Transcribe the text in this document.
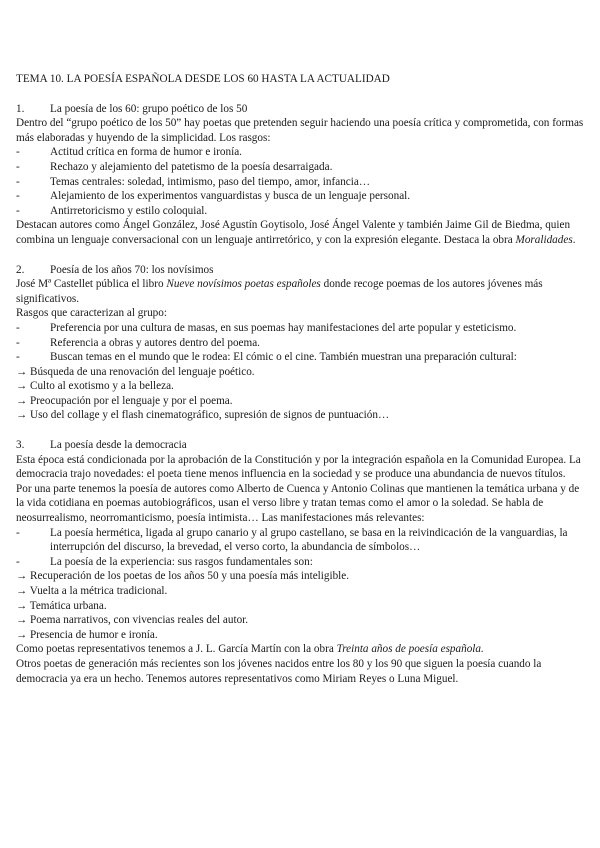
TEMA 10. LA POESÍA ESPAÑOLA DESDE LOS 60 HASTA LA ACTUALIDAD

1.	La poesía de los 60: grupo poético de los 50

Dentro del “grupo poético de los 50” hay poetas que pretenden seguir haciendo una poesía crítica y comprometida, con formas más elaboradas y huyendo de la simplicidad. Los rasgos:

-	Actitud crítica en forma de humor e ironía.
-	Rechazo y alejamiento del patetismo de la poesía desarraigada.
-	Temas centrales: soledad, intimismo, paso del tiempo, amor, infancia…
-	Alejamiento de los experimentos vanguardistas y busca de un lenguaje personal.
-	Antirretoricismo y estilo coloquial.

Destacan autores como Ángel González, José Agustín Goytisolo, José Ángel Valente y también Jaime Gil de Biedma, quien combina un lenguaje conversacional con un lenguaje antirretórico, y con la expresión elegante. Destaca la obra Moralidades.

2.	Poesía de los años 70: los novísimos

José Mª Castellet pública el libro Nueve novísimos poetas españoles donde recoge poemas de los autores jóvenes más significativos.

Rasgos que caracterizan al grupo:

-	Preferencia por una cultura de masas, en sus poemas hay manifestaciones del arte popular y esteticismo.
-	Referencia a obras y autores dentro del poema.
-	Buscan temas en el mundo que le rodea: El cómic o el cine. También muestran una preparación cultural:

→ Búsqueda de una renovación del lenguaje poético.

→ Culto al exotismo y a la belleza.

→ Preocupación por el lenguaje y por el poema.

→ Uso del collage y el flash cinematográfico, supresión de signos de puntuación…

3.	La poesía desde la democracia

Esta época está condicionada por la aprobación de la Constitución y por la integración española en la Comunidad Europea. La democracia trajo novedades: el poeta tiene menos influencia en la sociedad y se produce una abundancia de nuevos títulos.

Por una parte tenemos la poesía de autores como Alberto de Cuenca y Antonio Colinas que mantienen la temática urbana y de la vida cotidiana en poemas autobiográficos, usan el verso libre y tratan temas como el amor o la soledad. Se habla de neosurrealismo, neorromanticismo, poesía intimista… Las manifestaciones más relevantes:

-	La poesía hermética, ligada al grupo canario y al grupo castellano, se basa en la reivindicación de la vanguardias, la interrupción del discurso, la brevedad, el verso corto, la abundancia de símbolos…
-	La poesía de la experiencia: sus rasgos fundamentales son:

→ Recuperación de los poetas de los años 50 y una poesía más inteligible.

→ Vuelta a la métrica tradicional.

→ Temática urbana.

→ Poema narrativos, con vivencias reales del autor.

→ Presencia de humor e ironía.

Como poetas representativos tenemos a J. L. García Martín con la obra Treinta años de poesía española.

Otros poetas de generación más recientes son los jóvenes nacidos entre los 80 y los 90 que siguen la poesía cuando la democracia ya era un hecho. Tenemos autores representativos como Miriam Reyes o Luna Miguel.
